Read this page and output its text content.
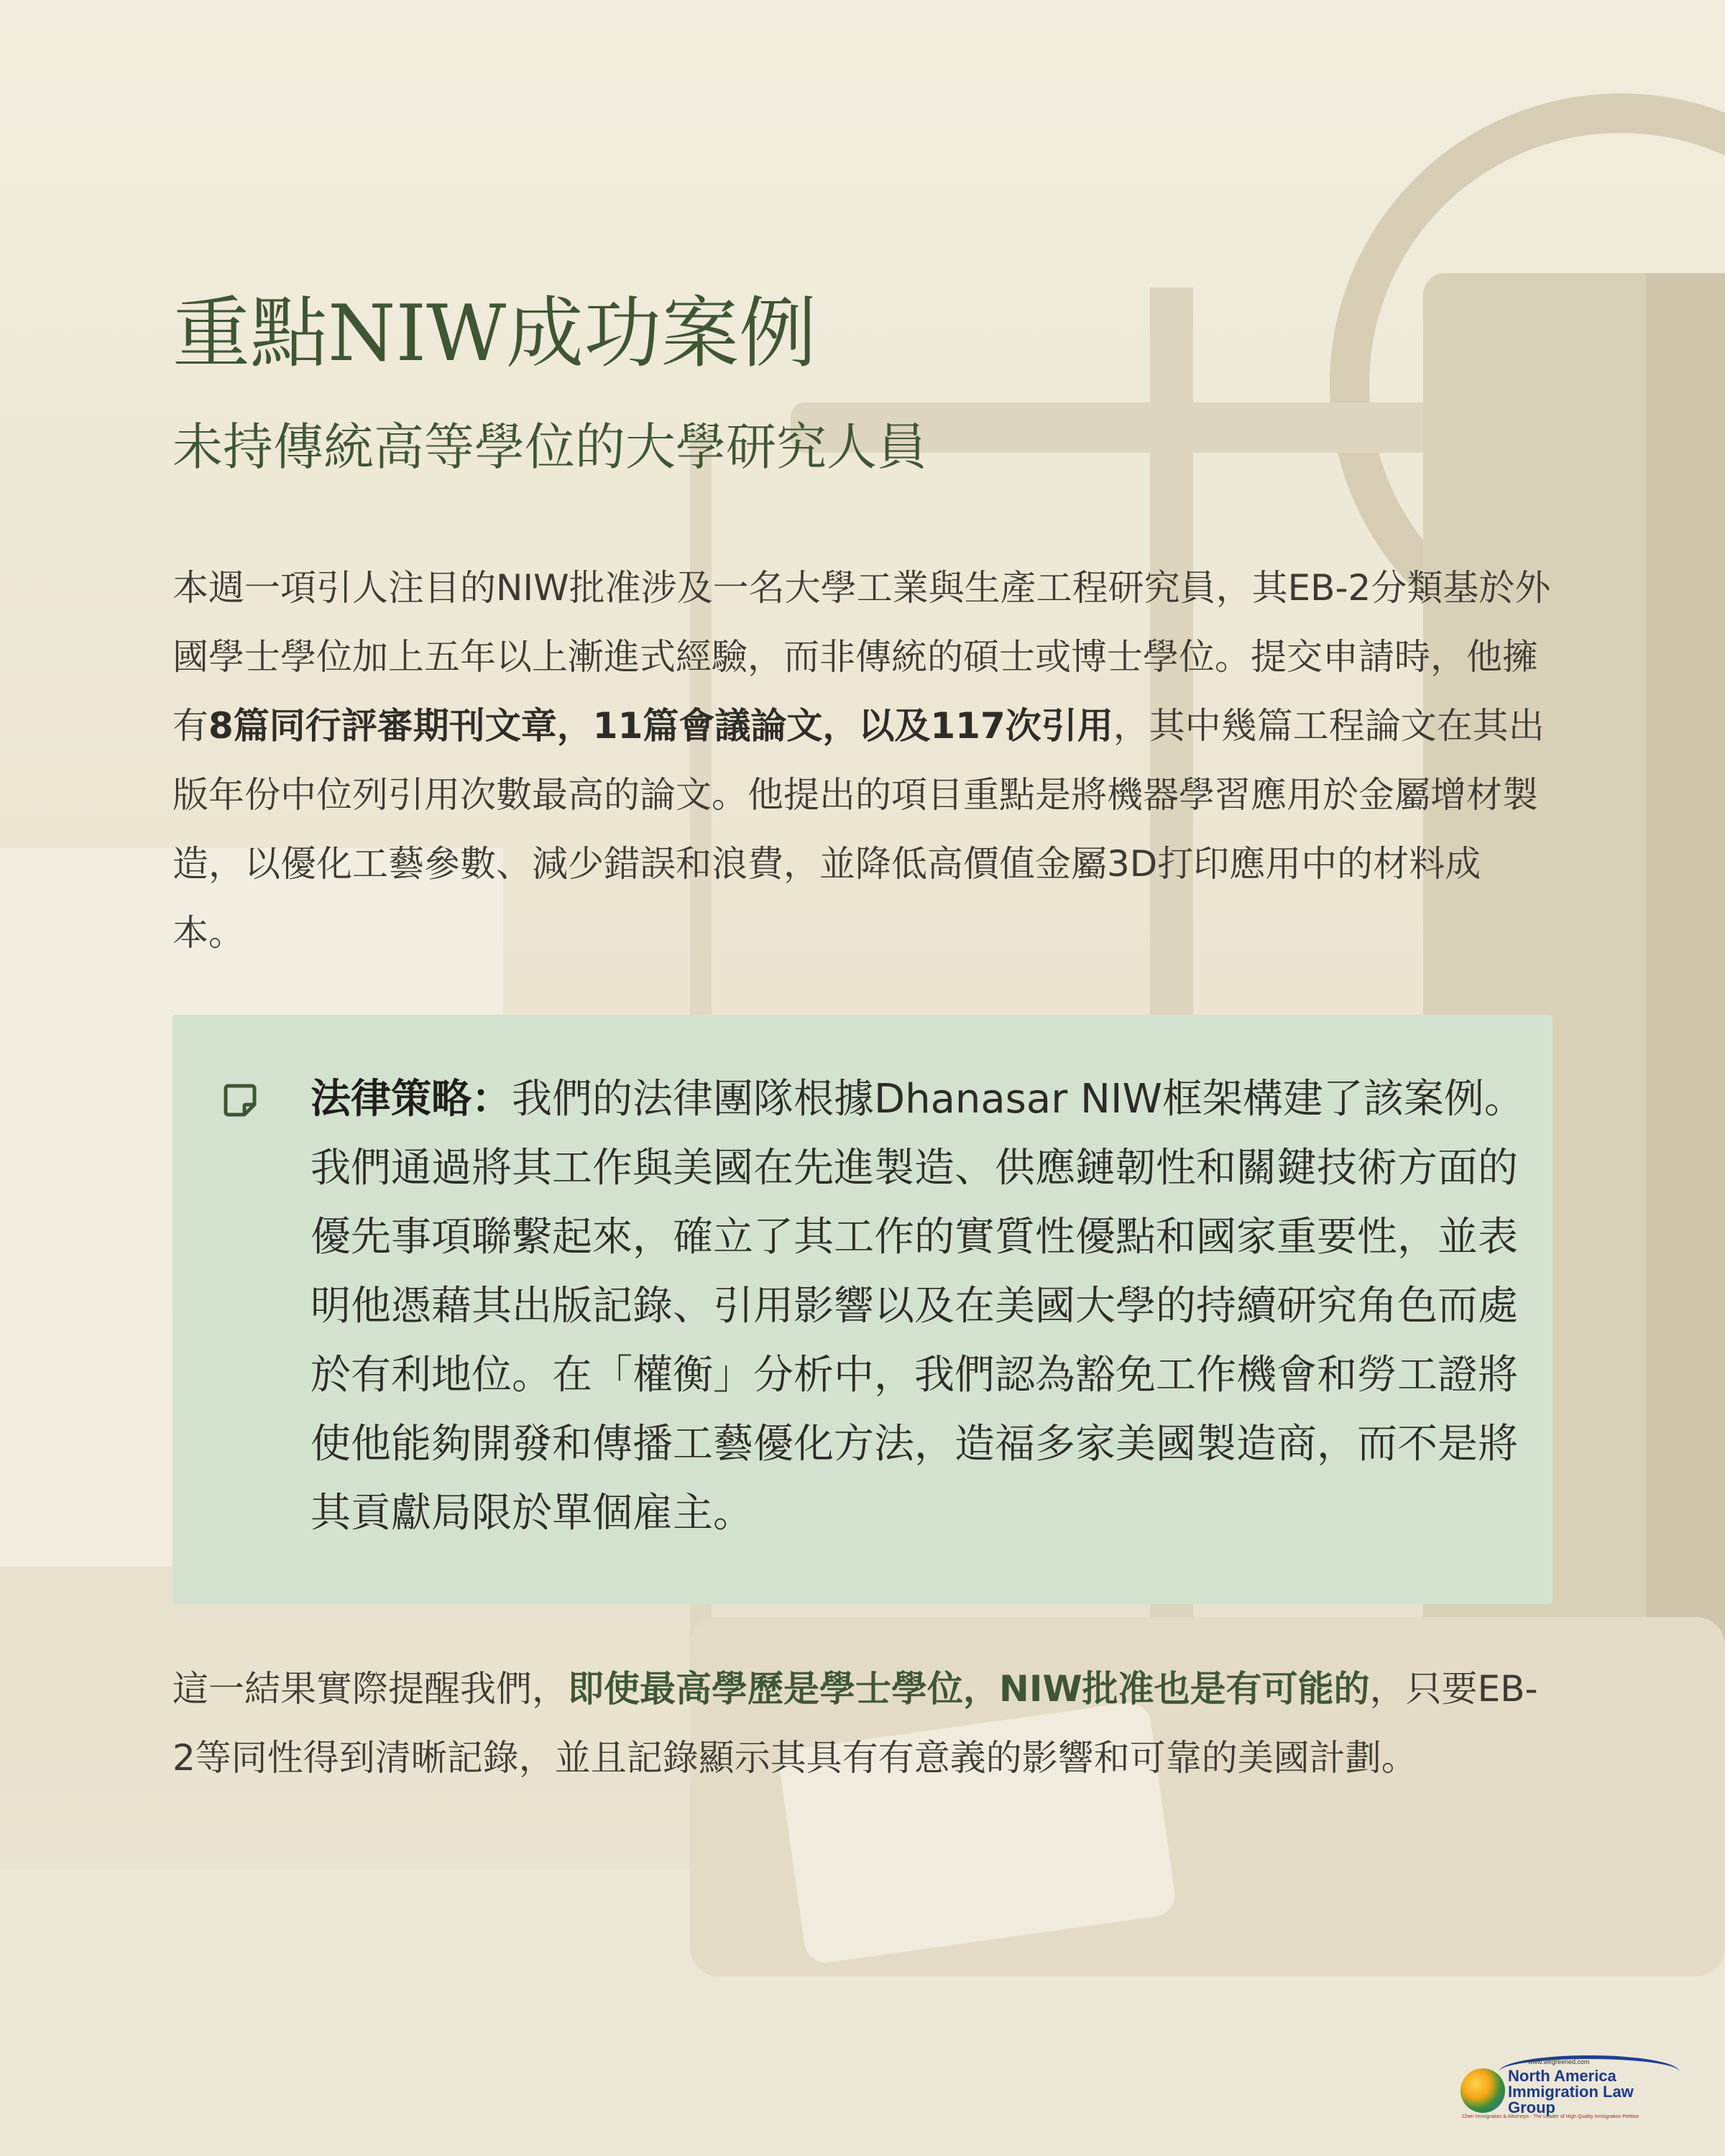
重點NIW成功案例
未持傳統高等學位的大學研究人員

本週一項引人注目的NIW批准涉及一名大學工業與生產工程研究員，其EB-2分類基於外國學士學位加上五年以上漸進式經驗，而非傳統的碩士或博士學位。提交申請時，他擁有8篇同行評審期刊文章，11篇會議論文，以及117次引用，其中幾篇工程論文在其出版年份中位列引用次數最高的論文。他提出的項目重點是將機器學習應用於金屬增材製造，以優化工藝參數、減少錯誤和浪費，並降低高價值金屬3D打印應用中的材料成本。

法律策略：我們的法律團隊根據Dhanasar NIW框架構建了該案例。我們通過將其工作與美國在先進製造、供應鏈韌性和關鍵技術方面的優先事項聯繫起來，確立了其工作的實質性優點和國家重要性，並表明他憑藉其出版記錄、引用影響以及在美國大學的持續研究角色而處於有利地位。在「權衡」分析中，我們認為豁免工作機會和勞工證將使他能夠開發和傳播工藝優化方法，造福多家美國製造商，而不是將其貢獻局限於單個雇主。

這一結果實際提醒我們，即使最高學歷是學士學位，NIW批准也是有可能的，只要EB-2等同性得到清晰記錄，並且記錄顯示其具有有意義的影響和可靠的美國計劃。

www.wegreened.com
North America
Immigration Law Group
Chen Immigration & Attorneys - The Leader of High Quality Immigration Petition
